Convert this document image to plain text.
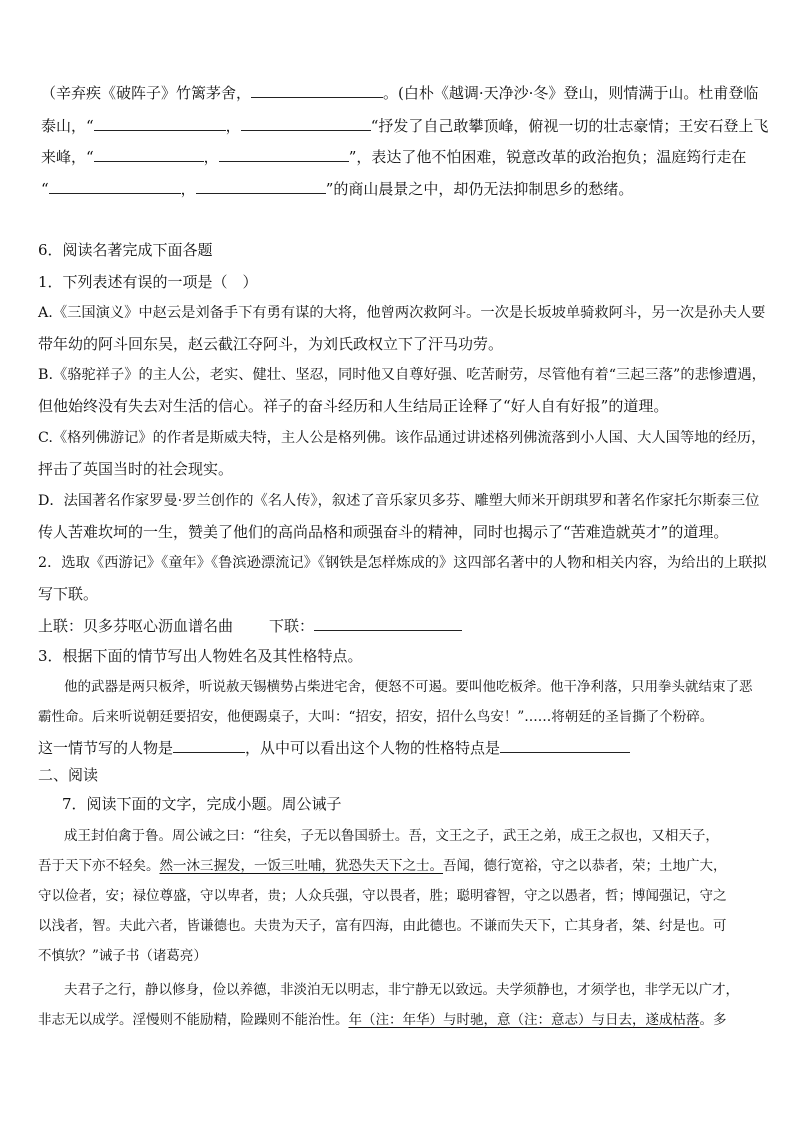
（辛弃疾《破阵子》竹篱茅舍，	。(白朴《越调·天净沙·冬》登山，则情满于山。杜甫登临
泰山，“	，	“抒发了自己敢攀顶峰，俯视一切的壮志豪情；王安石登上飞
来峰，“	，	”，表达了他不怕困难，锐意改革的政治抱负；温庭筠行走在
“	，	”的商山晨景之中，却仍无法抑制思乡的愁绪。
6．阅读名著完成下面各题
1．下列表述有误的一项是（　）
A.《三国演义》中赵云是刘备手下有勇有谋的大将，他曾两次救阿斗。一次是长坂坡单骑救阿斗，另一次是孙夫人要
带年幼的阿斗回东吴，赵云截江夺阿斗，为刘氏政权立下了汗马功劳。
B.《骆驼祥子》的主人公，老实、健壮、坚忍，同时他又自尊好强、吃苦耐劳，尽管他有着“三起三落”的悲惨遭遇，
但他始终没有失去对生活的信心。祥子的奋斗经历和人生结局正诠释了“好人自有好报”的道理。
C.《格列佛游记》的作者是斯威夫特，主人公是格列佛。该作品通过讲述格列佛流落到小人国、大人国等地的经历，
抨击了英国当时的社会现实。
D．法国著名作家罗曼·罗兰创作的《名人传》，叙述了音乐家贝多芬、雕塑大师米开朗琪罗和著名作家托尔斯泰三位
传人苦难坎坷的一生，赞美了他们的高尚品格和顽强奋斗的精神，同时也揭示了“苦难造就英才”的道理。
2．选取《西游记》《童年》《鲁滨逊漂流记》《钢铁是怎样炼成的》这四部名著中的人物和相关内容，为给出的上联拟
写下联。
上联：贝多芬呕心沥血谱名曲 下联：
3．根据下面的情节写出人物姓名及其性格特点。
他的武器是两只板斧，听说赦天锡横势占柴进宅舍，便怒不可遏。要叫他吃板斧。他干净利落，只用拳头就结束了恶
霸性命。后来听说朝廷要招安，他便踢桌子，大叫：“招安，招安，招什么鸟安！”……将朝廷的圣旨撕了个粉碎。
这一情节写的人物是	，从中可以看出这个人物的性格特点是
二、阅读
7．阅读下面的文字，完成小题。周公诫子
成王封伯禽于鲁。周公诫之曰：“往矣，子无以鲁国骄士。吾，文王之子，武王之弟，成王之叔也，又相天子，
吾于天下亦不轻矣。然一沐三握发，一饭三吐哺，犹恐失天下之士。吾闻，德行宽裕，守之以恭者，荣；土地广大，
守以俭者，安；禄位尊盛，守以卑者，贵；人众兵强，守以畏者，胜；聪明睿智，守之以愚者，哲；博闻强记，守之
以浅者，智。夫此六者，皆谦德也。夫贵为天子，富有四海，由此德也。不谦而失天下，亡其身者，桀、纣是也。可
不慎欤？”诫子书（诸葛亮）
夫君子之行，静以修身，俭以养德，非淡泊无以明志，非宁静无以致远。夫学须静也，才须学也，非学无以广才，
非志无以成学。淫慢则不能励精，险躁则不能治性。年（注：年华）与时驰，意（注：意志）与日去，遂成枯落。多
